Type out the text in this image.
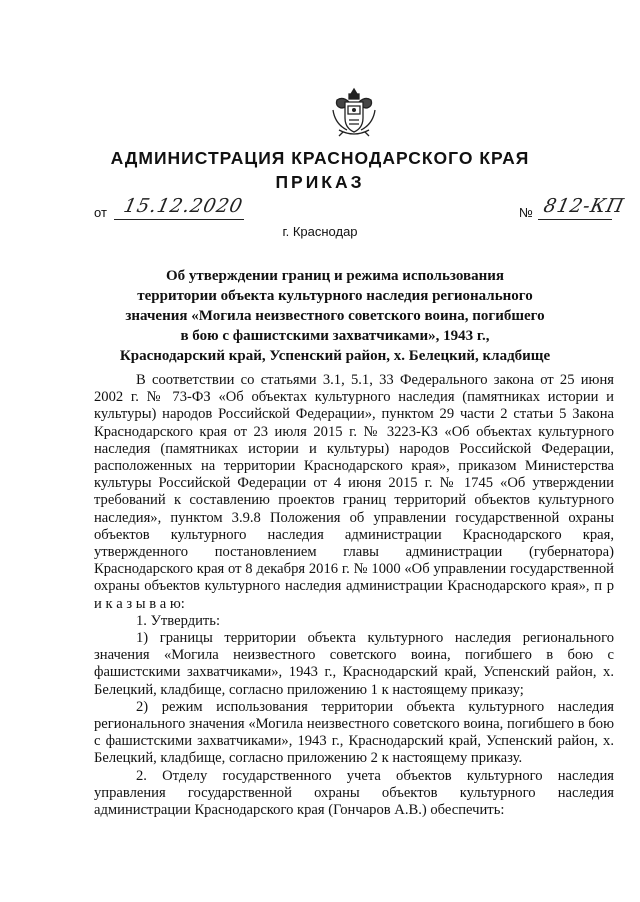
АДМИНИСТРАЦИЯ КРАСНОДАРСКОГО КРАЯ
ПРИКАЗ
от 15.12.2020	№ 812-КП
г. Краснодар
Об утверждении границ и режима использования
территории объекта культурного наследия регионального
значения «Могила неизвестного советского воина, погибшего
в бою с фашистскими захватчиками», 1943 г.,
Краснодарский край, Успенский район, х. Белецкий, кладбище

В соответствии со статьями 3.1, 5.1, 33 Федерального закона от 25 июня 2002 г. № 73-ФЗ «Об объектах культурного наследия (памятниках истории и культуры) народов Российской Федерации», пунктом 29 части 2 статьи 5 Закона Краснодарского края от 23 июля 2015 г. № 3223-КЗ «Об объектах культурного наследия (памятниках истории и культуры) народов Российской Федерации, расположенных на территории Краснодарского края», приказом Министерства культуры Российской Федерации от 4 июня 2015 г. № 1745 «Об утверждении требований к составлению проектов границ территорий объектов культурного наследия», пунктом 3.9.8 Положения об управлении государственной охраны объектов культурного наследия администрации Краснодарского края, утвержденного постановлением главы администрации (губернатора) Краснодарского края от 8 декабря 2016 г. № 1000 «Об управлении государственной охраны объектов культурного наследия администрации Краснодарского края», п р и к а з ы в а ю:

1. Утвердить:

1) границы территории объекта культурного наследия регионального значения «Могила неизвестного советского воина, погибшего в бою с фашистскими захватчиками», 1943 г., Краснодарский край, Успенский район, х. Белецкий, кладбище, согласно приложению 1 к настоящему приказу;

2) режим использования территории объекта культурного наследия регионального значения «Могила неизвестного советского воина, погибшего в бою с фашистскими захватчиками», 1943 г., Краснодарский край, Успенский район, х. Белецкий, кладбище, согласно приложению 2 к настоящему приказу.

2. Отделу государственного учета объектов культурного наследия управления государственной охраны объектов культурного наследия администрации Краснодарского края (Гончаров А.В.) обеспечить:
